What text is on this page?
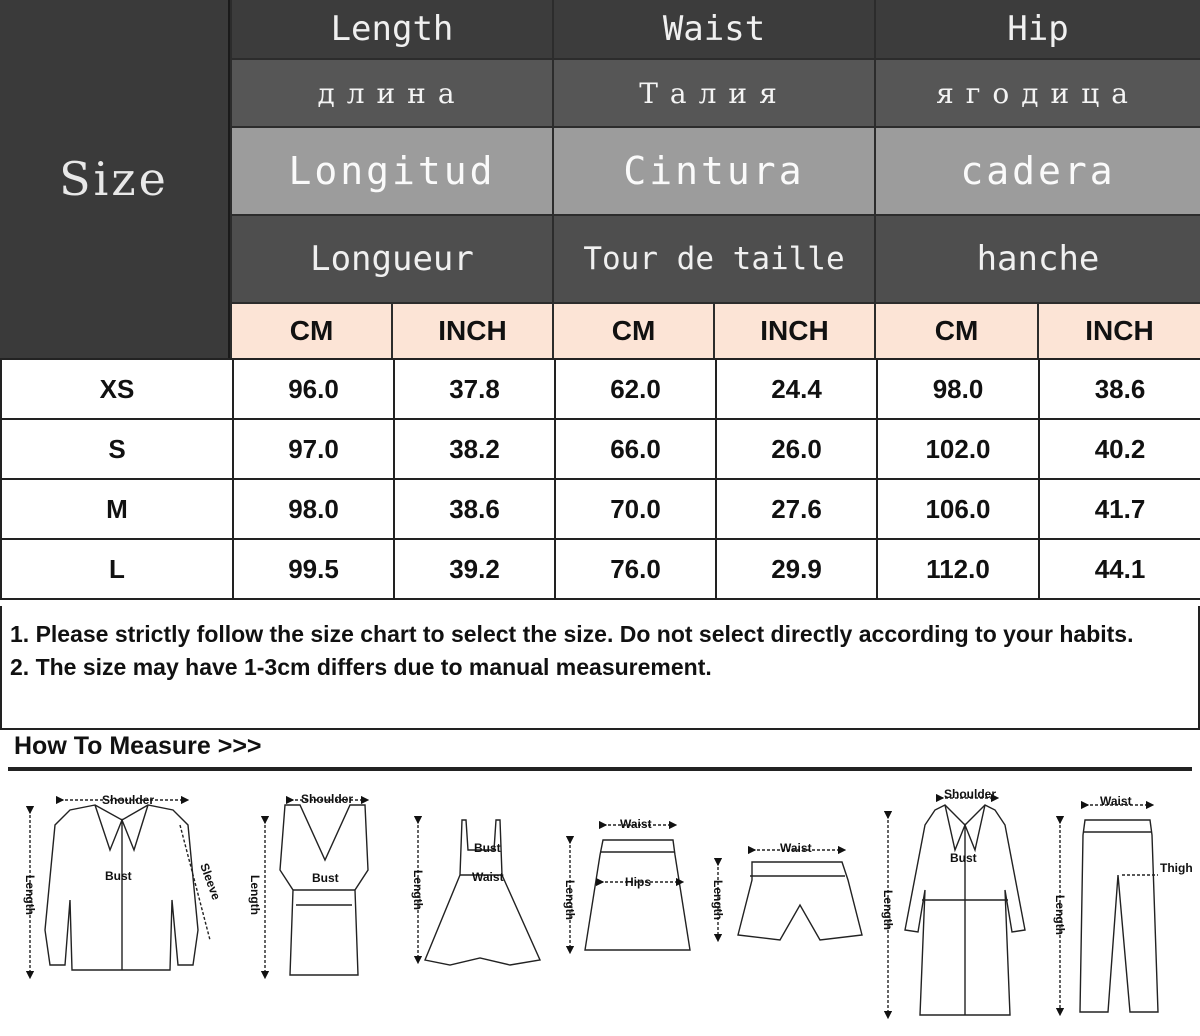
Size
Length	Waist	Hip
длина	Талия	ягодица
Longitud	Cintura	cadera
Longueur	Tour de taille	hanche
CM	INCH	CM	INCH	CM	INCH
XS	96.0	37.8	62.0	24.4	98.0	38.6
S	97.0	38.2	66.0	26.0	102.0	40.2
M	98.0	38.6	70.0	27.6	106.0	41.7
L	99.5	39.2	76.0	29.9	112.0	44.1

1. Please strictly follow the size chart to select the size. Do not select directly according to your habits.

2. The size may have 1-3cm differs due to manual measurement.

How To Measure >>>
Shoulder
Bust
Length	Sleeve
Shoulder
Bust
Length
Bust
Waist
Length
Waist
Hips
Length
Waist
Length
Shoulder
Bust
Length
Waist
Thigh
Length
